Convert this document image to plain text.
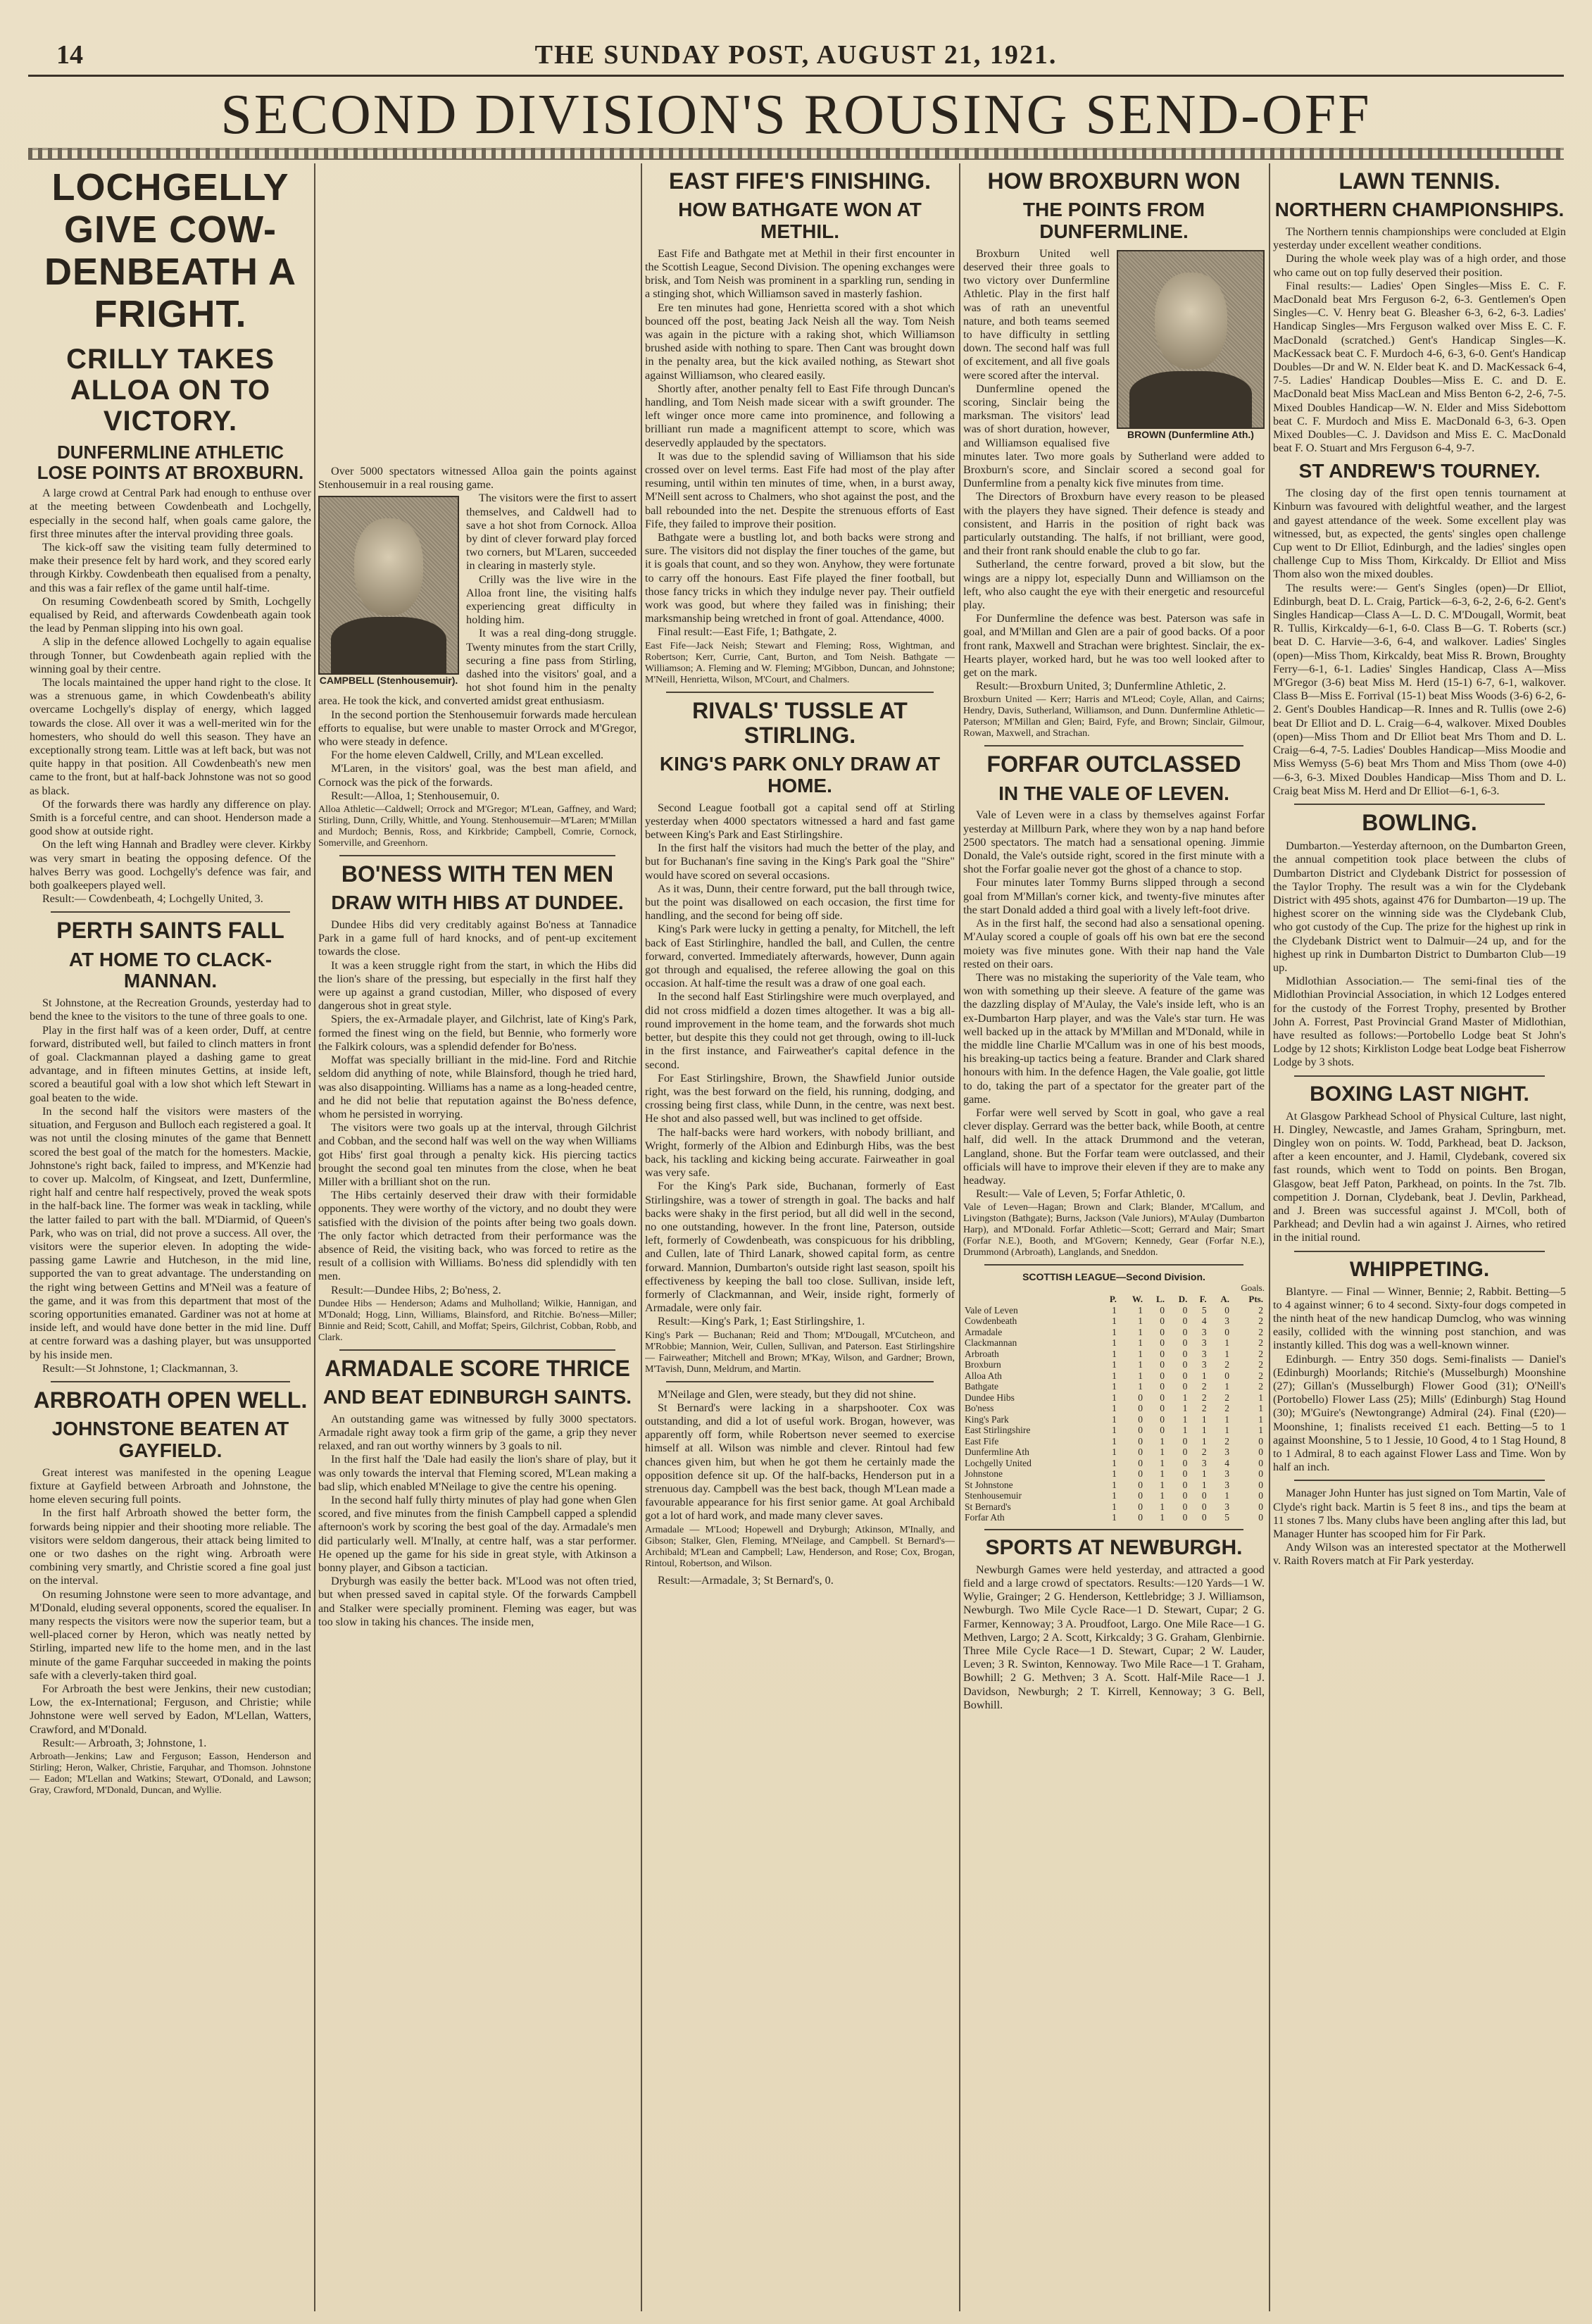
14	THE SUNDAY POST, AUGUST 21, 1921.
SECOND DIVISION'S ROUSING SEND-OFF
LOCHGELLY GIVE COW-DENBEATH A FRIGHT.
CRILLY TAKES ALLOA ON TO VICTORY.
DUNFERMLINE ATHLETIC LOSE POINTS AT BROXBURN.

A large crowd at Central Park had enough to enthuse over at the meeting between Cowdenbeath and Lochgelly, especially in the second half, when goals came galore, the first three minutes after the interval providing three goals.

The kick-off saw the visiting team fully determined to make their presence felt by hard work, and they scored early through Kirkby. Cowdenbeath then equalised from a penalty, and this was a fair reflex of the game until half-time.

On resuming Cowdenbeath scored by Smith, Lochgelly equalised by Reid, and afterwards Cowdenbeath again took the lead by Penman slipping into his own goal.

A slip in the defence allowed Lochgelly to again equalise through Tonner, but Cowdenbeath again replied with the winning goal by their centre.

The locals maintained the upper hand right to the close. It was a strenuous game, in which Cowdenbeath's ability overcame Lochgelly's display of energy, which lagged towards the close. All over it was a well-merited win for the homesters, who should do well this season. They have an exceptionally strong team. Little was at left back, but was not quite happy in that position. All Cowdenbeath's new men came to the front, but at half-back Johnstone was not so good as black.

Of the forwards there was hardly any difference on play. Smith is a forceful centre, and can shoot. Henderson made a good show at outside right.

On the left wing Hannah and Bradley were clever. Kirkby was very smart in beating the opposing defence. Of the halves Berry was good. Lochgelly's defence was fair, and both goalkeepers played well.

Result:— Cowdenbeath, 4; Lochgelly United, 3.

PERTH SAINTS FALL
AT HOME TO CLACK-MANNAN.

St Johnstone, at the Recreation Grounds, yesterday had to bend the knee to the visitors to the tune of three goals to one.

Play in the first half was of a keen order, Duff, at centre forward, distributed well, but failed to clinch matters in front of goal. Clackmannan played a dashing game to great advantage, and in fifteen minutes Gettins, at inside left, scored a beautiful goal with a low shot which left Stewart in goal beaten to the wide.

In the second half the visitors were masters of the situation, and Ferguson and Bulloch each registered a goal. It was not until the closing minutes of the game that Bennett scored the best goal of the match for the homesters. Mackie, Johnstone's right back, failed to impress, and M'Kenzie had to cover up. Malcolm, of Kingseat, and Izett, Dunfermline, right half and centre half respectively, proved the weak spots in the half-back line. The former was weak in tackling, while the latter failed to part with the ball. M'Diarmid, of Queen's Park, who was on trial, did not prove a success. All over, the visitors were the superior eleven. In adopting the wide-passing game Lawrie and Hutcheson, in the mid line, supported the van to great advantage. The understanding on the right wing between Gettins and M'Neil was a feature of the game, and it was from this department that most of the scoring opportunities emanated. Gardiner was not at home at inside left, and would have done better in the mid line. Duff at centre forward was a dashing player, but was unsupported by his inside men.

Result:—St Johnstone, 1; Clackmannan, 3.

ARBROATH OPEN WELL.
JOHNSTONE BEATEN AT GAYFIELD.

Great interest was manifested in the opening League fixture at Gayfield between Arbroath and Johnstone, the home eleven securing full points.

In the first half Arbroath showed the better form, the forwards being nippier and their shooting more reliable. The visitors were seldom dangerous, their attack being limited to one or two dashes on the right wing. Arbroath were combining very smartly, and Christie scored a fine goal just on the interval.

On resuming Johnstone were seen to more advantage, and M'Donald, eluding several opponents, scored the equaliser. In many respects the visitors were now the superior team, but a well-placed corner by Heron, which was neatly netted by Stirling, imparted new life to the home men, and in the last minute of the game Farquhar succeeded in making the points safe with a cleverly-taken third goal.

For Arbroath the best were Jenkins, their new custodian; Low, the ex-International; Ferguson, and Christie; while Johnstone were well served by Eadon, M'Lellan, Watters, Crawford, and M'Donald.

Result:— Arbroath, 3; Johnstone, 1.

Arbroath—Jenkins; Law and Ferguson; Easson, Henderson and Stirling; Heron, Walker, Christie, Farquhar, and Thomson. Johnstone — Eadon; M'Lellan and Watkins; Stewart, O'Donald, and Lawson; Gray, Crawford, M'Donald, Duncan, and Wyllie.

Over 5000 spectators witnessed Alloa gain the points against Stenhousemuir in a real rousing game.

CAMPBELL (Stenhousemuir).

The visitors were the first to assert themselves, and Caldwell had to save a hot shot from Cornock. Alloa by dint of clever forward play forced two corners, but M'Laren, succeeded in clearing in masterly style.

Crilly was the live wire in the Alloa front line, the visiting halfs experiencing great difficulty in holding him.

It was a real ding-dong struggle. Twenty minutes from the start Crilly, securing a fine pass from Stirling, dashed into the visitors' goal, and a hot shot found him in the penalty area. He took the kick, and converted amidst great enthusiasm.

In the second portion the Stenhousemuir forwards made herculean efforts to equalise, but were unable to master Orrock and M'Gregor, who were steady in defence.

For the home eleven Caldwell, Crilly, and M'Lean excelled.

M'Laren, in the visitors' goal, was the best man afield, and Cornock was the pick of the forwards.

Result:—Alloa, 1; Stenhousemuir, 0.

Alloa Athletic—Caldwell; Orrock and M'Gregor; M'Lean, Gaffney, and Ward; Stirling, Dunn, Crilly, Whittle, and Young. Stenhousemuir—M'Laren; M'Millan and Murdoch; Bennis, Ross, and Kirkbride; Campbell, Comrie, Cornock, Somerville, and Greenhorn.

BO'NESS WITH TEN MEN
DRAW WITH HIBS AT DUNDEE.

Dundee Hibs did very creditably against Bo'ness at Tannadice Park in a game full of hard knocks, and of pent-up excitement towards the close.

It was a keen struggle right from the start, in which the Hibs did the lion's share of the pressing, but especially in the first half they were up against a grand custodian, Miller, who disposed of every dangerous shot in great style.

Spiers, the ex-Armadale player, and Gilchrist, late of King's Park, formed the finest wing on the field, but Bennie, who formerly wore the Falkirk colours, was a splendid defender for Bo'ness.

Moffat was specially brilliant in the mid-line. Ford and Ritchie seldom did anything of note, while Blainsford, though he tried hard, was also disappointing. Williams has a name as a long-headed centre, and he did not belie that reputation against the Bo'ness defence, whom he persisted in worrying.

The visitors were two goals up at the interval, through Gilchrist and Cobban, and the second half was well on the way when Williams got Hibs' first goal through a penalty kick. His piercing tactics brought the second goal ten minutes from the close, when he beat Miller with a brilliant shot on the run.

The Hibs certainly deserved their draw with their formidable opponents. They were worthy of the victory, and no doubt they were satisfied with the division of the points after being two goals down. The only factor which detracted from their performance was the absence of Reid, the visiting back, who was forced to retire as the result of a collision with Williams. Bo'ness did splendidly with ten men.

Result:—Dundee Hibs, 2; Bo'ness, 2.

Dundee Hibs — Henderson; Adams and Mulholland; Wilkie, Hannigan, and M'Donald; Hogg, Linn, Williams, Blainsford, and Ritchie. Bo'ness—Miller; Binnie and Reid; Scott, Cahill, and Moffat; Speirs, Gilchrist, Cobban, Robb, and Clark.

ARMADALE SCORE THRICE
AND BEAT EDINBURGH SAINTS.

An outstanding game was witnessed by fully 3000 spectators. Armadale right away took a firm grip of the game, a grip they never relaxed, and ran out worthy winners by 3 goals to nil.

In the first half the 'Dale had easily the lion's share of play, but it was only towards the interval that Fleming scored, M'Lean making a bad slip, which enabled M'Neilage to give the centre his opening.

In the second half fully thirty minutes of play had gone when Glen scored, and five minutes from the finish Campbell capped a splendid afternoon's work by scoring the best goal of the day. Armadale's men did particularly well. M'Inally, at centre half, was a star performer. He opened up the game for his side in great style, with Atkinson a bonny player, and Gibson a tactician.

Dryburgh was easily the better back. M'Lood was not often tried, but when pressed saved in capital style. Of the forwards Campbell and Stalker were specially prominent. Fleming was eager, but was too slow in taking his chances. The inside men,

EAST FIFE'S FINISHING.
HOW BATHGATE WON AT METHIL.

East Fife and Bathgate met at Methil in their first encounter in the Scottish League, Second Division. The opening exchanges were brisk, and Tom Neish was prominent in a sparkling run, sending in a stinging shot, which Williamson saved in masterly fashion.

Ere ten minutes had gone, Henrietta scored with a shot which bounced off the post, beating Jack Neish all the way. Tom Neish was again in the picture with a raking shot, which Williamson brushed aside with nothing to spare. Then Cant was brought down in the penalty area, but the kick availed nothing, as Stewart shot against Williamson, who cleared easily.

Shortly after, another penalty fell to East Fife through Duncan's handling, and Tom Neish made sicear with a swift grounder. The left winger once more came into prominence, and following a brilliant run made a magnificent attempt to score, which was deservedly applauded by the spectators.

It was due to the splendid saving of Williamson that his side crossed over on level terms. East Fife had most of the play after resuming, until within ten minutes of time, when, in a burst away, M'Neill sent across to Chalmers, who shot against the post, and the ball rebounded into the net. Despite the strenuous efforts of East Fife, they failed to improve their position.

Bathgate were a bustling lot, and both backs were strong and sure. The visitors did not display the finer touches of the game, but it is goals that count, and so they won. Anyhow, they were fortunate to carry off the honours. East Fife played the finer football, but those fancy tricks in which they indulge never pay. Their outfield work was good, but where they failed was in finishing; their marksmanship being wretched in front of goal. Attendance, 4000.

Final result:—East Fife, 1; Bathgate, 2.

East Fife—Jack Neish; Stewart and Fleming; Ross, Wightman, and Robertson; Kerr, Currie, Cant, Burton, and Tom Neish. Bathgate — Williamson; A. Fleming and W. Fleming; M'Gibbon, Duncan, and Johnstone; M'Neill, Henrietta, Wilson, M'Court, and Chalmers.

RIVALS' TUSSLE AT STIRLING.
KING'S PARK ONLY DRAW AT HOME.

Second League football got a capital send off at Stirling yesterday when 4000 spectators witnessed a hard and fast game between King's Park and East Stirlingshire.

In the first half the visitors had much the better of the play, and but for Buchanan's fine saving in the King's Park goal the "Shire" would have scored on several occasions.

As it was, Dunn, their centre forward, put the ball through twice, but the point was disallowed on each occasion, the first time for handling, and the second for being off side.

King's Park were lucky in getting a penalty, for Mitchell, the left back of East Stirlinghire, handled the ball, and Cullen, the centre forward, converted. Immediately afterwards, however, Dunn again got through and equalised, the referee allowing the goal on this occasion. At half-time the result was a draw of one goal each.

In the second half East Stirlingshire were much overplayed, and did not cross midfield a dozen times altogether. It was a big all-round improvement in the home team, and the forwards shot much better, but despite this they could not get through, owing to ill-luck in the first instance, and Fairweather's capital defence in the second.

For East Stirlingshire, Brown, the Shawfield Junior outside right, was the best forward on the field, his running, dodging, and crossing being first class, while Dunn, in the centre, was next best. He shot and also passed well, but was inclined to get offside.

The half-backs were hard workers, with nobody brilliant, and Wright, formerly of the Albion and Edinburgh Hibs, was the best back, his tackling and kicking being accurate. Fairweather in goal was very safe.

For the King's Park side, Buchanan, formerly of East Stirlingshire, was a tower of strength in goal. The backs and half backs were shaky in the first period, but all did well in the second, no one outstanding, however. In the front line, Paterson, outside left, formerly of Cowdenbeath, was conspicuous for his dribbling, and Cullen, late of Third Lanark, showed capital form, as centre forward. Mannion, Dumbarton's outside right last season, spoilt his effectiveness by keeping the ball too close. Sullivan, inside left, formerly of Clackmannan, and Weir, inside right, formerly of Armadale, were only fair.

Result:—King's Park, 1; East Stirlingshire, 1.

King's Park — Buchanan; Reid and Thom; M'Dougall, M'Cutcheon, and M'Robbie; Mannion, Weir, Cullen, Sullivan, and Paterson. East Stirlingshire — Fairweather; Mitchell and Brown; M'Kay, Wilson, and Gardner; Brown, M'Tavish, Dunn, Meldrum, and Martin.

M'Neilage and Glen, were steady, but they did not shine.

St Bernard's were lacking in a sharpshooter. Cox was outstanding, and did a lot of useful work. Brogan, however, was apparently off form, while Robertson never seemed to exercise himself at all. Wilson was nimble and clever. Rintoul had few chances given him, but when he got them he certainly made the opposition defence sit up. Of the half-backs, Henderson put in a strenuous day. Campbell was the best back, though M'Lean made a favourable appearance for his first senior game. At goal Archibald got a lot of hard work, and made many clever saves.

Armadale — M'Lood; Hopewell and Dryburgh; Atkinson, M'Inally, and Gibson; Stalker, Glen, Fleming, M'Neilage, and Campbell. St Bernard's—Archibald; M'Lean and Campbell; Law, Henderson, and Rose; Cox, Brogan, Rintoul, Robertson, and Wilson.

Result:—Armadale, 3; St Bernard's, 0.

HOW BROXBURN WON
THE POINTS FROM DUNFERMLINE.
BROWN (Dunfermline Ath.)

Broxburn United well deserved their three goals to two victory over Dunfermline Athletic. Play in the first half was of rath an uneventful nature, and both teams seemed to have difficulty in settling down. The second half was full of excitement, and all five goals were scored after the interval.

Dunfermline opened the scoring, Sinclair being the marksman. The visitors' lead was of short duration, however, and Williamson equalised five minutes later. Two more goals by Sutherland were added to Broxburn's score, and Sinclair scored a second goal for Dunfermline from a penalty kick five minutes from time.

The Directors of Broxburn have every reason to be pleased with the players they have signed. Their defence is steady and consistent, and Harris in the position of right back was particularly outstanding. The halfs, if not brilliant, were good, and their front rank should enable the club to go far.

Sutherland, the centre forward, proved a bit slow, but the wings are a nippy lot, especially Dunn and Williamson on the left, who also caught the eye with their energetic and resourceful play.

For Dunfermline the defence was best. Paterson was safe in goal, and M'Millan and Glen are a pair of good backs. Of a poor front rank, Maxwell and Strachan were brightest. Sinclair, the ex-Hearts player, worked hard, but he was too well looked after to get on the mark.

Result:—Broxburn United, 3; Dunfermline Athletic, 2.

Broxburn United — Kerr; Harris and M'Leod; Coyle, Allan, and Cairns; Hendry, Davis, Sutherland, Williamson, and Dunn. Dunfermline Athletic—Paterson; M'Millan and Glen; Baird, Fyfe, and Brown; Sinclair, Gilmour, Rowan, Maxwell, and Strachan.

FORFAR OUTCLASSED
IN THE VALE OF LEVEN.

Vale of Leven were in a class by themselves against Forfar yesterday at Millburn Park, where they won by a nap hand before 2500 spectators. The match had a sensational opening. Jimmie Donald, the Vale's outside right, scored in the first minute with a shot the Forfar goalie never got the ghost of a chance to stop.

Four minutes later Tommy Burns slipped through a second goal from M'Millan's corner kick, and twenty-five minutes after the start Donald added a third goal with a lively left-foot drive.

As in the first half, the second had also a sensational opening. M'Aulay scored a couple of goals off his own bat ere the second moiety was five minutes gone. With their nap hand the Vale rested on their oars.

There was no mistaking the superiority of the Vale team, who won with something up their sleeve. A feature of the game was the dazzling display of M'Aulay, the Vale's inside left, who is an ex-Dumbarton Harp player, and was the Vale's star turn. He was well backed up in the attack by M'Millan and M'Donald, while in the middle line Charlie M'Callum was in one of his best moods, his breaking-up tactics being a feature. Brander and Clark shared honours with him. In the defence Hagen, the Vale goalie, got little to do, taking the part of a spectator for the greater part of the game.

Forfar were well served by Scott in goal, who gave a real clever display. Gerrard was the better back, while Booth, at centre half, did well. In the attack Drummond and the veteran, Langland, shone. But the Forfar team were outclassed, and their officials will have to improve their eleven if they are to make any headway.

Result:— Vale of Leven, 5; Forfar Athletic, 0.

Vale of Leven—Hagan; Brown and Clark; Blander, M'Callum, and Livingston (Bathgate); Burns, Jackson (Vale Juniors), M'Aulay (Dumbarton Harp), and M'Donald. Forfar Athletic—Scott; Gerrard and Mair; Smart (Forfar N.E.), Booth, and M'Govern; Kennedy, Gear (Forfar N.E.), Drummond (Arbroath), Langlands, and Sneddon.

SCOTTISH LEAGUE—Second Division.
Goals.
	P.	W.	L.	D.	F.	A.	Pts.
Vale of Leven	1	1	0	0	5	0	2
Cowdenbeath	1	1	0	0	4	3	2
Armadale	1	1	0	0	3	0	2
Clackmannan	1	1	0	0	3	1	2
Arbroath	1	1	0	0	3	1	2
Broxburn	1	1	0	0	3	2	2
Alloa Ath	1	1	0	0	1	0	2
Bathgate	1	1	0	0	2	1	2
Dundee Hibs	1	0	0	1	2	2	1
Bo'ness	1	0	0	1	2	2	1
King's Park	1	0	0	1	1	1	1
East Stirlingshire	1	0	0	1	1	1	1
East Fife	1	0	1	0	1	2	0
Dunfermline Ath	1	0	1	0	2	3	0
Lochgelly United	1	0	1	0	3	4	0
Johnstone	1	0	1	0	1	3	0
St Johnstone	1	0	1	0	1	3	0
Stenhousemuir	1	0	1	0	0	1	0
St Bernard's	1	0	1	0	0	3	0
Forfar Ath	1	0	1	0	0	5	0
SPORTS AT NEWBURGH.

Newburgh Games were held yesterday, and attracted a good field and a large crowd of spectators. Results:—120 Yards—1 W. Wylie, Grainger; 2 G. Henderson, Kettlebridge; 3 J. Williamson, Newburgh. Two Mile Cycle Race—1 D. Stewart, Cupar; 2 G. Farmer, Kennoway; 3 A. Proudfoot, Largo. One Mile Race—1 G. Methven, Largo; 2 A. Scott, Kirkcaldy; 3 G. Graham, Glenbirnie. Three Mile Cycle Race—1 D. Stewart, Cupar; 2 W. Lauder, Leven; 3 R. Swinton, Kennoway. Two Mile Race—1 T. Graham, Bowhill; 2 G. Methven; 3 A. Scott. Half-Mile Race—1 J. Davidson, Newburgh; 2 T. Kirrell, Kennoway; 3 G. Bell, Bowhill.

LAWN TENNIS.
NORTHERN CHAMPIONSHIPS.

The Northern tennis championships were concluded at Elgin yesterday under excellent weather conditions.

During the whole week play was of a high order, and those who came out on top fully deserved their position.

Final results:— Ladies' Open Singles—Miss E. C. F. MacDonald beat Mrs Ferguson 6-2, 6-3. Gentlemen's Open Singles—C. V. Henry beat G. Bleasher 6-3, 6-2, 6-3. Ladies' Handicap Singles—Mrs Ferguson walked over Miss E. C. F. MacDonald (scratched.) Gent's Handicap Singles—K. MacKessack beat C. F. Murdoch 4-6, 6-3, 6-0. Gent's Handicap Doubles—Dr and W. N. Elder beat K. and D. MacKessack 6-4, 7-5. Ladies' Handicap Doubles—Miss E. C. and D. E. MacDonald beat Miss MacLean and Miss Benton 6-2, 2-6, 7-5. Mixed Doubles Handicap—W. N. Elder and Miss Sidebottom beat C. F. Murdoch and Miss E. MacDonald 6-3, 6-3. Open Mixed Doubles—C. J. Davidson and Miss E. C. MacDonald beat F. O. Stuart and Mrs Ferguson 6-4, 9-7.

ST ANDREW'S TOURNEY.

The closing day of the first open tennis tournament at Kinburn was favoured with delightful weather, and the largest and gayest attendance of the week. Some excellent play was witnessed, but, as expected, the gents' singles open challenge Cup went to Dr Elliot, Edinburgh, and the ladies' singles open challenge Cup to Miss Thom, Kirkcaldy. Dr Elliot and Miss Thom also won the mixed doubles.

The results were:— Gent's Singles (open)—Dr Elliot, Edinburgh, beat D. L. Craig, Partick—6-3, 6-2, 2-6, 6-2. Gent's Singles Handicap—Class A—L. D. C. M'Dougall, Wormit, beat R. Tullis, Kirkcaldy—6-1, 6-0. Class B—G. T. Roberts (scr.) beat D. C. Harvie—3-6, 6-4, and walkover. Ladies' Singles (open)—Miss Thom, Kirkcaldy, beat Miss R. Brown, Broughty Ferry—6-1, 6-1. Ladies' Singles Handicap, Class A—Miss M'Gregor (3-6) beat Miss M. Herd (15-1) 6-7, 6-1, walkover. Class B—Miss E. Forrival (15-1) beat Miss Woods (3-6) 6-2, 6-2. Gent's Doubles Handicap—R. Innes and R. Tullis (owe 2-6) beat Dr Elliot and D. L. Craig—6-4, walkover. Mixed Doubles (open)—Miss Thom and Dr Elliot beat Mrs Thom and D. L. Craig—6-4, 7-5. Ladies' Doubles Handicap—Miss Moodie and Miss Wemyss (5-6) beat Mrs Thom and Miss Thom (owe 4-0)—6-3, 6-3. Mixed Doubles Handicap—Miss Thom and D. L. Craig beat Miss M. Herd and Dr Elliot—6-1, 6-3.

BOWLING.

Dumbarton.—Yesterday afternoon, on the Dumbarton Green, the annual competition took place between the clubs of Dumbarton District and Clydebank District for possession of the Taylor Trophy. The result was a win for the Clydebank District with 495 shots, against 476 for Dumbarton—19 up. The highest scorer on the winning side was the Clydebank Club, who got custody of the Cup. The prize for the highest up rink in the Clydebank District went to Dalmuir—24 up, and for the highest up rink in Dumbarton District to Dumbarton Club—19 up.

Midlothian Association.— The semi-final ties of the Midlothian Provincial Association, in which 12 Lodges entered for the custody of the Forrest Trophy, presented by Brother John A. Forrest, Past Provincial Grand Master of Midlothian, have resulted as follows:—Portobello Lodge beat St John's Lodge by 12 shots; Kirkliston Lodge beat Lodge beat Fisherrow Lodge by 3 shots.

BOXING LAST NIGHT.

At Glasgow Parkhead School of Physical Culture, last night, H. Dingley, Newcastle, and James Graham, Springburn, met. Dingley won on points. W. Todd, Parkhead, beat D. Jackson, after a keen encounter, and J. Hamil, Clydebank, covered six fast rounds, which went to Todd on points. Ben Brogan, Glasgow, beat Jeff Paton, Parkhead, on points. In the 7st. 7lb. competition J. Dornan, Clydebank, beat J. Devlin, Parkhead, and J. Breen was successful against J. M'Coll, both of Parkhead; and Devlin had a win against J. Airnes, who retired in the initial round.

WHIPPETING.

Blantyre. — Final — Winner, Bennie; 2, Rabbit. Betting—5 to 4 against winner; 6 to 4 second. Sixty-four dogs competed in the ninth heat of the new handicap Dumclog, who was winning easily, collided with the winning post stanchion, and was instantly killed. This dog was a well-known winner.

Edinburgh. — Entry 350 dogs. Semi-finalists — Daniel's (Edinburgh) Moorlands; Ritchie's (Musselburgh) Moonshine (27); Gillan's (Musselburgh) Flower Good (31); O'Neill's (Portobello) Flower Lass (25); Mills' (Edinburgh) Stag Hound (30); M'Guire's (Newtongrange) Admiral (24). Final (£20)—Moonshine, 1; finalists received £1 each. Betting—5 to 1 against Moonshine, 5 to 1 Jessie, 10 Good, 4 to 1 Stag Hound, 8 to 1 Admiral, 8 to each against Flower Lass and Time. Won by half an inch.

Manager John Hunter has just signed on Tom Martin, Vale of Clyde's right back. Martin is 5 feet 8 ins., and tips the beam at 11 stones 7 lbs. Many clubs have been angling after this lad, but Manager Hunter has scooped him for Fir Park.

Andy Wilson was an interested spectator at the Motherwell v. Raith Rovers match at Fir Park yesterday.
